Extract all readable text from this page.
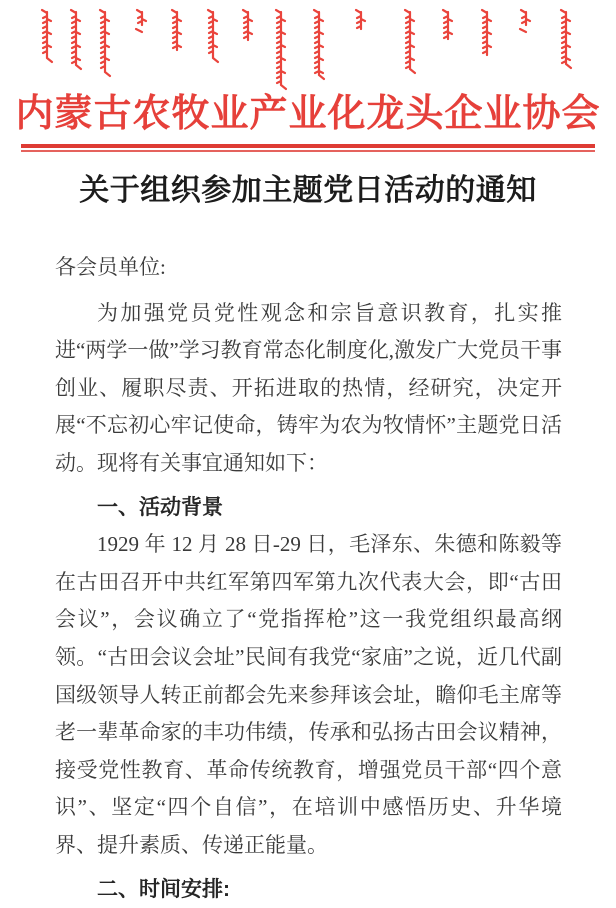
内蒙古农牧业产业化龙头企业协会
关于组织参加主题党日活动的通知

各会员单位:

为加强党员党性观念和宗旨意识教育，扎实推进“两学一做”学习教育常态化制度化,激发广大党员干事创业、履职尽责、开拓进取的热情，经研究，决定开展“不忘初心牢记使命，铸牢为农为牧情怀”主题党日活动。现将有关事宜通知如下：

一、活动背景

1929 年 12 月 28 日-29 日，毛泽东、朱德和陈毅等在古田召开中共红军第四军第九次代表大会，即“古田会议”，会议确立了“党指挥枪”这一我党组织最高纲领。“古田会议会址”民间有我党“家庙”之说，近几代副国级领导人转正前都会先来参拜该会址，瞻仰毛主席等老一辈革命家的丰功伟绩，传承和弘扬古田会议精神，接受党性教育、革命传统教育，增强党员干部“四个意识”、坚定“四个自信”，在培训中感悟历史、升华境界、提升素质、传递正能量。

二、时间安排:
